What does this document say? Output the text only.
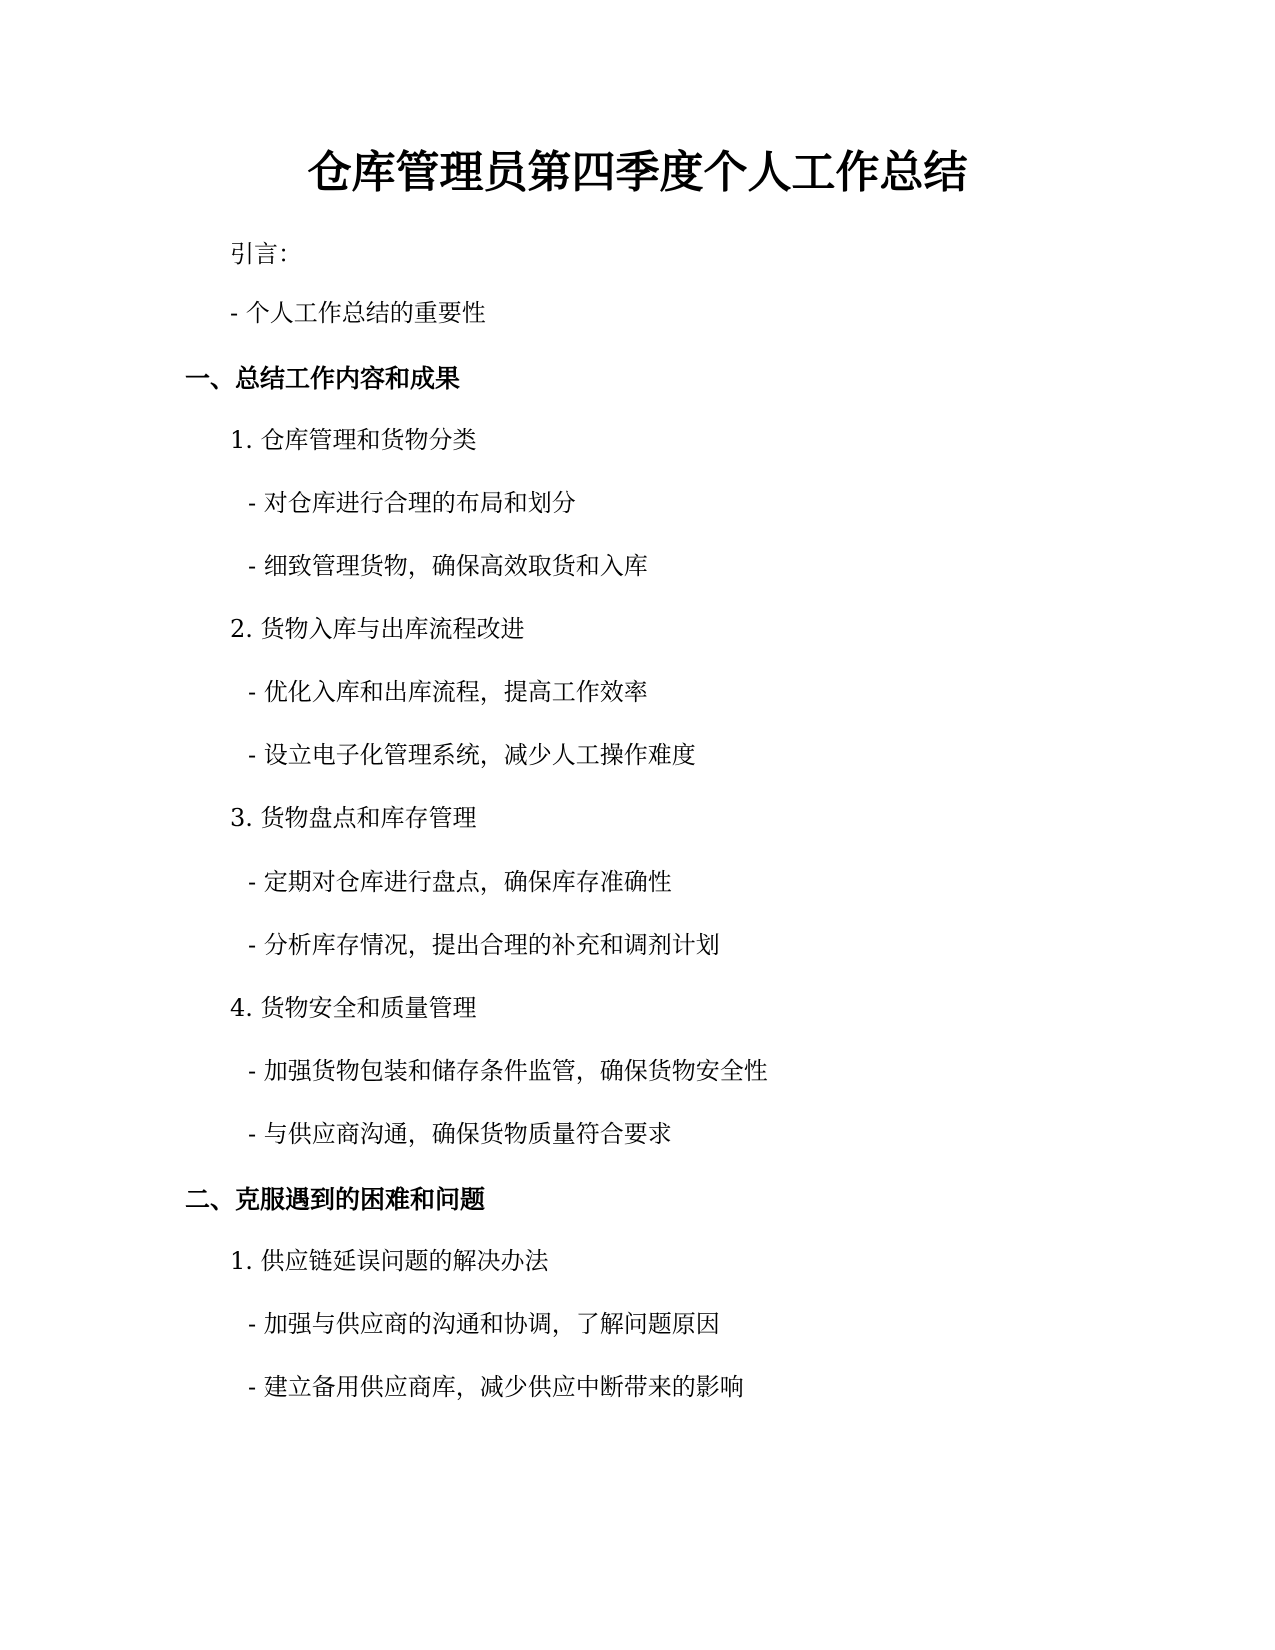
仓库管理员第四季度个人工作总结

引言：

- 个人工作总结的重要性

一、总结工作内容和成果

1. 仓库管理和货物分类

- 对仓库进行合理的布局和划分

- 细致管理货物，确保高效取货和入库

2. 货物入库与出库流程改进

- 优化入库和出库流程，提高工作效率

- 设立电子化管理系统，减少人工操作难度

3. 货物盘点和库存管理

- 定期对仓库进行盘点，确保库存准确性

- 分析库存情况，提出合理的补充和调剂计划

4. 货物安全和质量管理

- 加强货物包装和储存条件监管，确保货物安全性

- 与供应商沟通，确保货物质量符合要求

二、克服遇到的困难和问题

1. 供应链延误问题的解决办法

- 加强与供应商的沟通和协调，了解问题原因

- 建立备用供应商库，减少供应中断带来的影响
